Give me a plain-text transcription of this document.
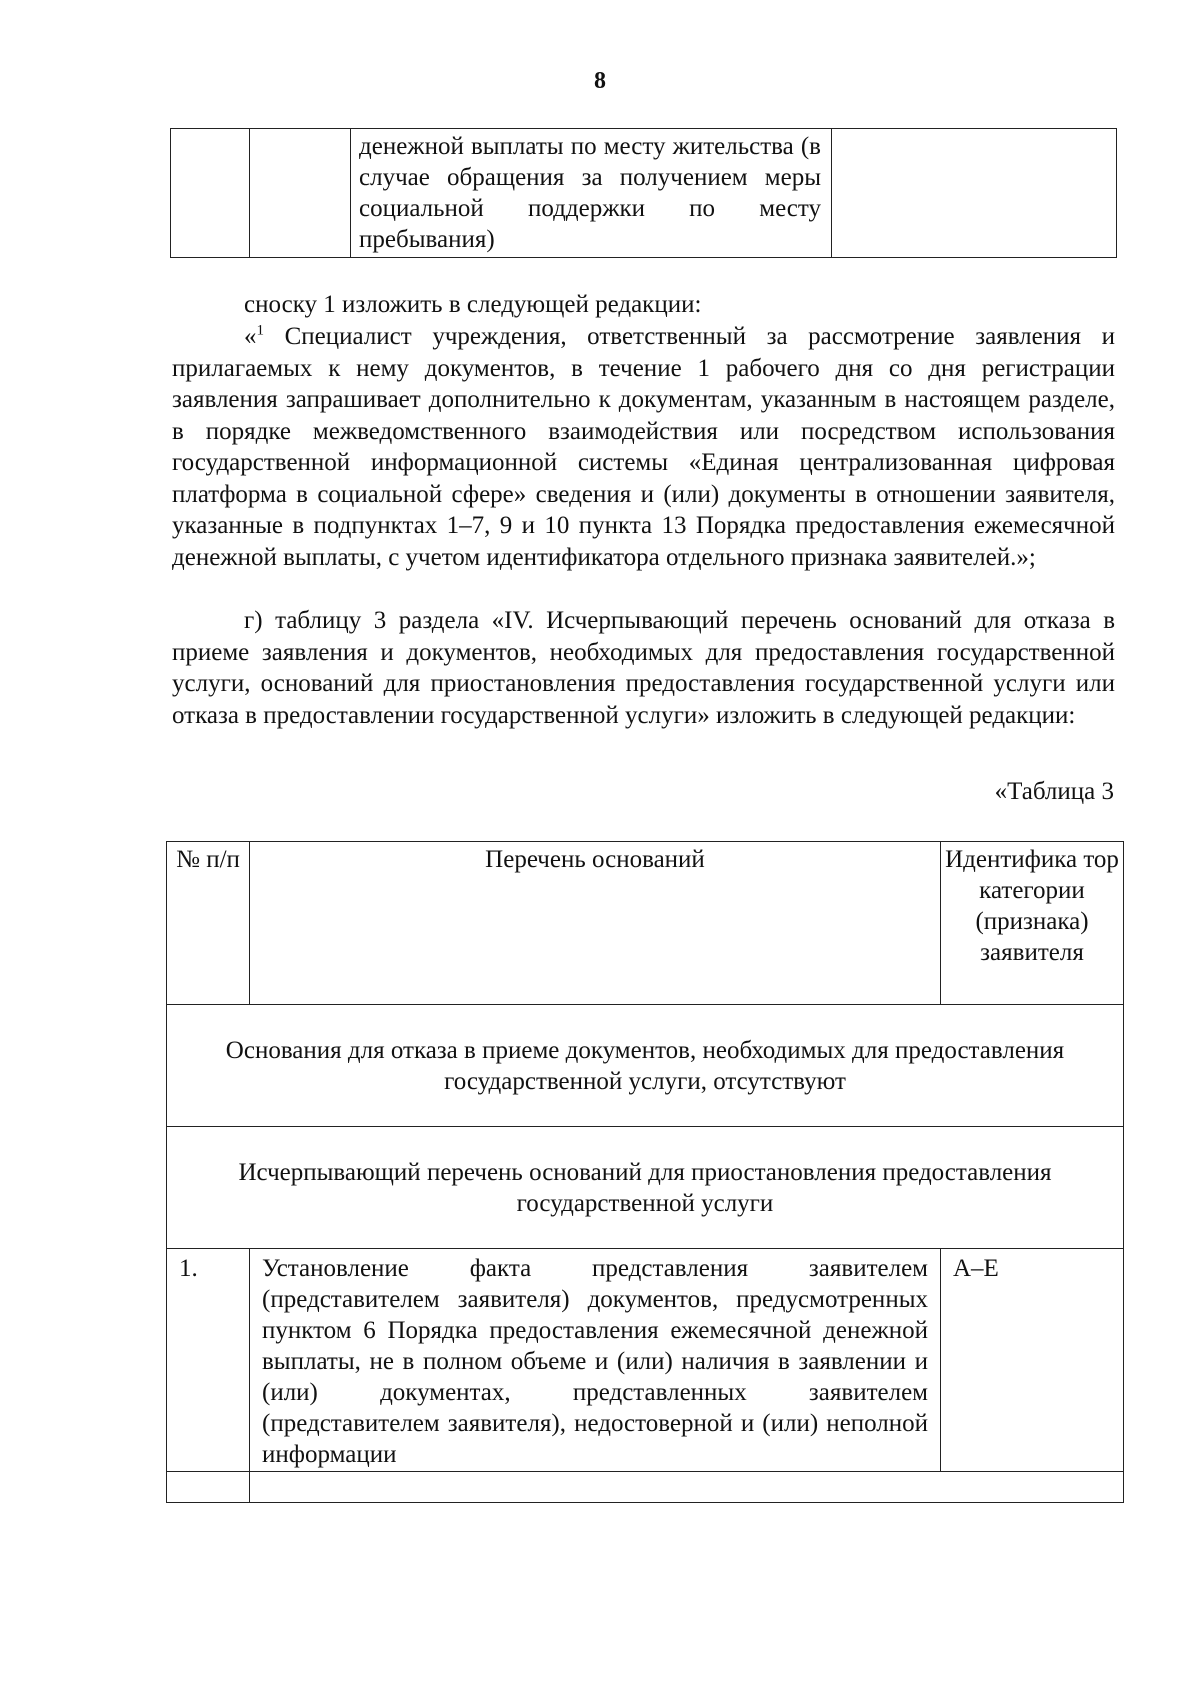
8

денежной выплаты по месту жительства (в случае обращения за получением меры социальной поддержки по месту пребывания)

сноску 1 изложить в следующей редакции:
«$^1$ Специалист учреждения, ответственный за рассмотрение заявления и прилагаемых к нему документов, в течение 1 рабочего дня со дня регистрации заявления запрашивает дополнительно к документам, указанным в настоящем разделе, в порядке межведомственного взаимодействия или посредством использования государственной информационной системы «Единая централизованная цифровая платформа в социальной сфере» сведения и (или) документы в отношении заявителя, указанные в подпунктах 1–7, 9 и 10 пункта 13 Порядка предоставления ежемесячной денежной выплаты, с учетом идентификатора отдельного признака заявителей.»;
г) таблицу 3 раздела «IV. Исчерпывающий перечень оснований для отказа в приеме заявления и документов, необходимых для предоставления государственной услуги, оснований для приостановления предоставления государственной услуги или отказа в предоставлении государственной услуги» изложить в следующей редакции:
«Таблица 3
№ п/п	Перечень оснований	Идентифика тор категории (признака) заявителя

Основания для отказа в приеме документов, необходимых для предоставления государственной услуги, отсутствуют		

Исчерпывающий перечень оснований для приостановления предоставления государственной услуги		

1.	Установление факта представления заявителем (представителем заявителя) документов, предусмотренных пунктом 6 Порядка предоставления ежемесячной денежной выплаты, не в полном объеме и (или) наличия в заявлении и (или) документах, представленных заявителем (представителем заявителя), недостоверной и (или) неполной информации	А–Е
